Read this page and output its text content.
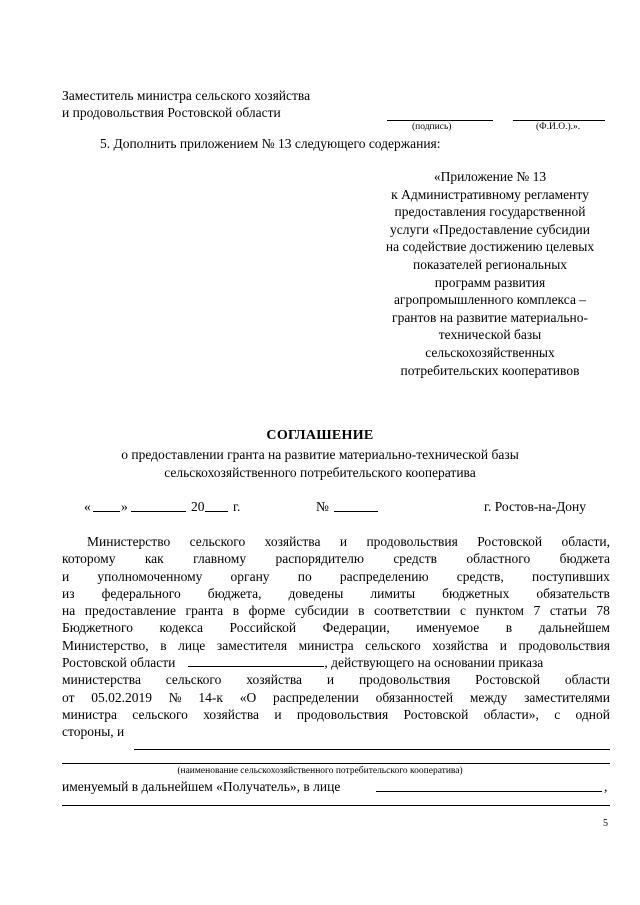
Заместитель министра сельского хозяйства
и продовольствия Ростовской области
(подпись)	(Ф.И.О.).».
5. Дополнить приложением № 13 следующего содержания:
«Приложение № 13
к Административному регламенту
предоставления государственной
услуги «Предоставление субсидии
на содействие достижению целевых
показателей региональных
программ развития
агропромышленного комплекса –
грантов на развитие материально-
технической базы
сельскохозяйственных
потребительских кооперативов
СОГЛАШЕНИЕ
о предоставлении гранта на развитие материально-технической базы
сельскохозяйственного потребительского кооператива
« »	20 г.	№	г. Ростов-на-Дону
Министерство сельского хозяйства и продовольствия Ростовской области,
которому как главному распорядителю средств областного бюджета
и уполномоченному органу по распределению средств, поступивших
из федерального бюджета, доведены лимиты бюджетных обязательств
на предоставление гранта в форме субсидии в соответствии с пунктом 7 статьи 78
Бюджетного кодекса Российской Федерации, именуемое в дальнейшем
Министерство, в лице заместителя министра сельского хозяйства и продовольствия
Ростовской области	, действующего на основании приказа
министерства сельского хозяйства и продовольствия Ростовской области
от 05.02.2019 № 14-к «О распределении обязанностей между заместителями
министра сельского хозяйства и продовольствия Ростовской области», с одной
стороны, и
(наименование сельскохозяйственного потребительского кооператива)
именуемый в дальнейшем «Получатель», в лице	,
5
